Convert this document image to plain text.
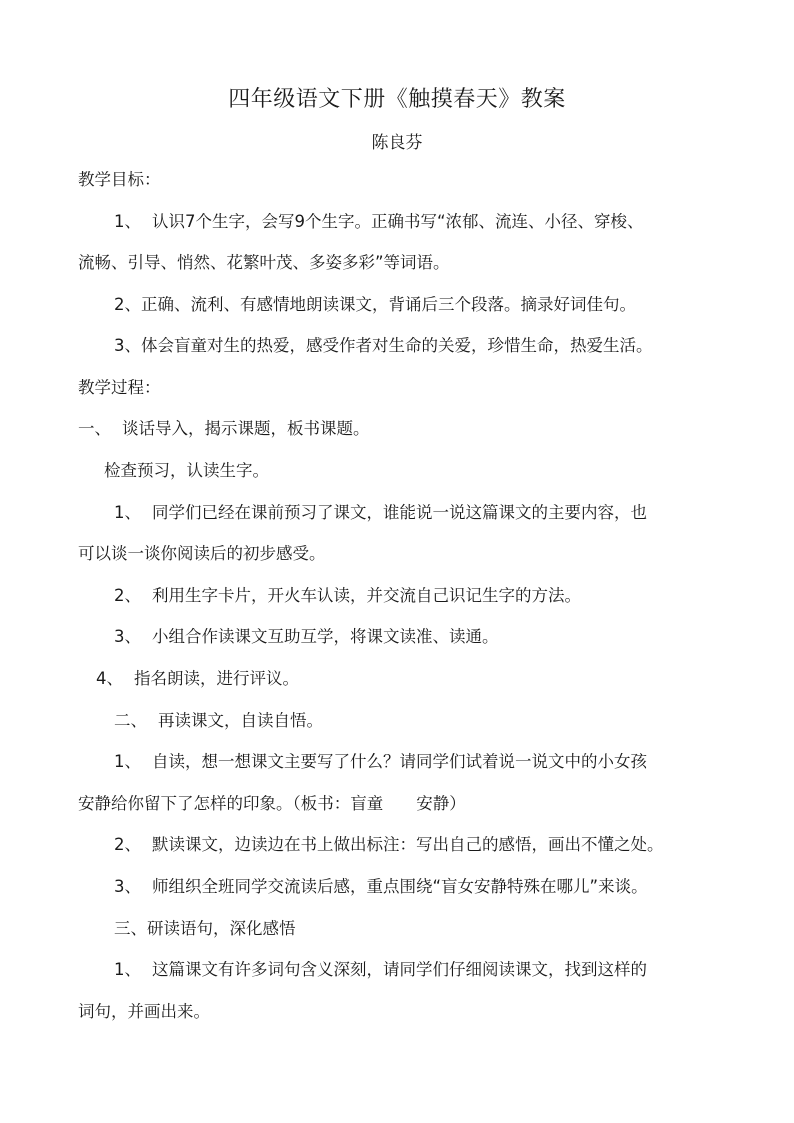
四年级语文下册《触摸春天》教案
陈良芬
教学目标：
1、 认识7个生字，会写9个生字。正确书写“浓郁、流连、小径、穿梭、
流畅、引导、悄然、花繁叶茂、多姿多彩”等词语。
2、正确、流利、有感情地朗读课文，背诵后三个段落。摘录好词佳句。
3、体会盲童对生的热爱，感受作者对生命的关爱，珍惜生命，热爱生活。
教学过程：
一、 谈话导入，揭示课题，板书课题。
检查预习，认读生字。
1、 同学们已经在课前预习了课文，谁能说一说这篇课文的主要内容，也
可以谈一谈你阅读后的初步感受。
2、 利用生字卡片，开火车认读，并交流自己识记生字的方法。
3、 小组合作读课文互助互学，将课文读准、读通。
4、 指名朗读，进行评议。
二、 再读课文，自读自悟。
1、 自读，想一想课文主要写了什么？请同学们试着说一说文中的小女孩
安静给你留下了怎样的印象。（板书：盲童　　安静）
2、 默读课文，边读边在书上做出标注：写出自己的感悟，画出不懂之处。
3、 师组织全班同学交流读后感，重点围绕“盲女安静特殊在哪儿”来谈。
三、研读语句，深化感悟
1、 这篇课文有许多词句含义深刻，请同学们仔细阅读课文，找到这样的
词句，并画出来。
